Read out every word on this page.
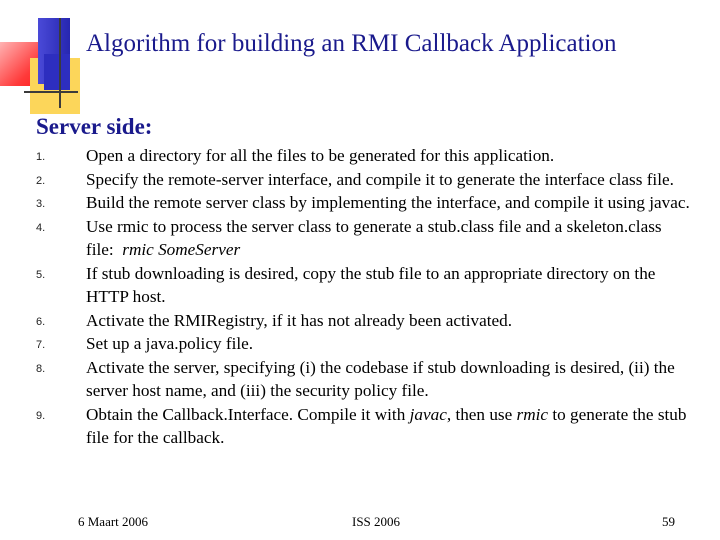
Algorithm for building an RMI Callback Application
Server side:
1. Open a directory for all the files to be generated for this application.
2. Specify the remote-server interface, and compile it to generate the interface class file.
3. Build the remote server class by implementing the interface, and compile it using javac.
4. Use rmic to process the server class to generate a stub.class file and a skeleton.class file: rmic SomeServer
5. If stub downloading is desired, copy the stub file to an appropriate directory on the HTTP host.
6. Activate the RMIRegistry, if it has not already been activated.
7. Set up a java.policy file.
8. Activate the server, specifying (i) the codebase if stub downloading is desired, (ii) the server host name, and (iii) the security policy file.
9. Obtain the Callback.Interface. Compile it with javac, then use rmic to generate the stub file for the callback.
6 Maart 2006	ISS 2006	59
